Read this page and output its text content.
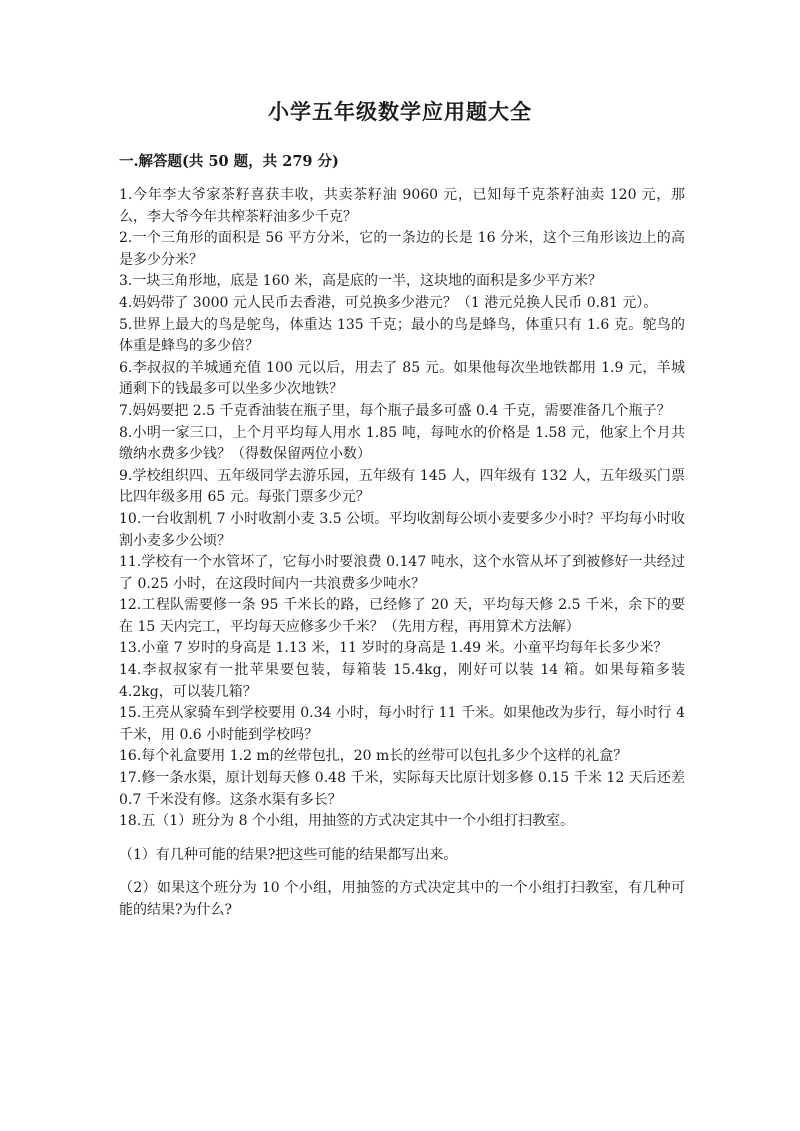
小学五年级数学应用题大全
一.解答题(共 50 题，共 279 分)

1.今年李大爷家茶籽喜获丰收，共卖茶籽油 9060 元，已知每千克茶籽油卖 120 元，那么，李大爷今年共榨茶籽油多少千克？

2.一个三角形的面积是 56 平方分米，它的一条边的长是 16 分米，这个三角形该边上的高是多少分米？

3.一块三角形地，底是 160 米，高是底的一半，这块地的面积是多少平方米？

4.妈妈带了 3000 元人民币去香港，可兑换多少港元？（1 港元兑换人民币 0.81 元）。

5.世界上最大的鸟是鸵鸟，体重达 135 千克；最小的鸟是蜂鸟，体重只有 1.6 克。鸵鸟的体重是蜂鸟的多少倍？

6.李叔叔的羊城通充值 100 元以后，用去了 85 元。如果他每次坐地铁都用 1.9 元，羊城通剩下的钱最多可以坐多少次地铁？

7.妈妈要把 2.5 千克香油装在瓶子里，每个瓶子最多可盛 0.4 千克，需要准备几个瓶子？

8.小明一家三口，上个月平均每人用水 1.85 吨，每吨水的价格是 1.58 元，他家上个月共缴纳水费多少钱？（得数保留两位小数）

9.学校组织四、五年级同学去游乐园，五年级有 145 人，四年级有 132 人，五年级买门票比四年级多用 65 元。每张门票多少元？

10.一台收割机 7 小时收割小麦 3.5 公顷。平均收割每公顷小麦要多少小时？平均每小时收割小麦多少公顷？

11.学校有一个水管坏了，它每小时要浪费 0.147 吨水，这个水管从坏了到被修好一共经过了 0.25 小时，在这段时间内一共浪费多少吨水？

12.工程队需要修一条 95 千米长的路，已经修了 20 天，平均每天修 2.5 千米，余下的要在 15 天内完工，平均每天应修多少千米？（先用方程，再用算术方法解）

13.小童 7 岁时的身高是 1.13 米，11 岁时的身高是 1.49 米。小童平均每年长多少米？

14.李叔叔家有一批苹果要包装，每箱装 15.4kg，刚好可以装 14 箱。如果每箱多装 4.2kg，可以装几箱？

15.王亮从家骑车到学校要用 0.34 小时，每小时行 11 千米。如果他改为步行，每小时行 4 千米，用 0.6 小时能到学校吗？

16.每个礼盒要用 1.2 m的丝带包扎，20 m长的丝带可以包扎多少个这样的礼盒？

17.修一条水渠，原计划每天修 0.48 千米，实际每天比原计划多修 0.15 千米 12 天后还差 0.7 千米没有修。这条水渠有多长？

18.五（1）班分为 8 个小组，用抽签的方式决定其中一个小组打扫教室。

（1）有几种可能的结果?把这些可能的结果都写出来。

（2）如果这个班分为 10 个小组，用抽签的方式决定其中的一个小组打扫教室，有几种可能的结果?为什么?
